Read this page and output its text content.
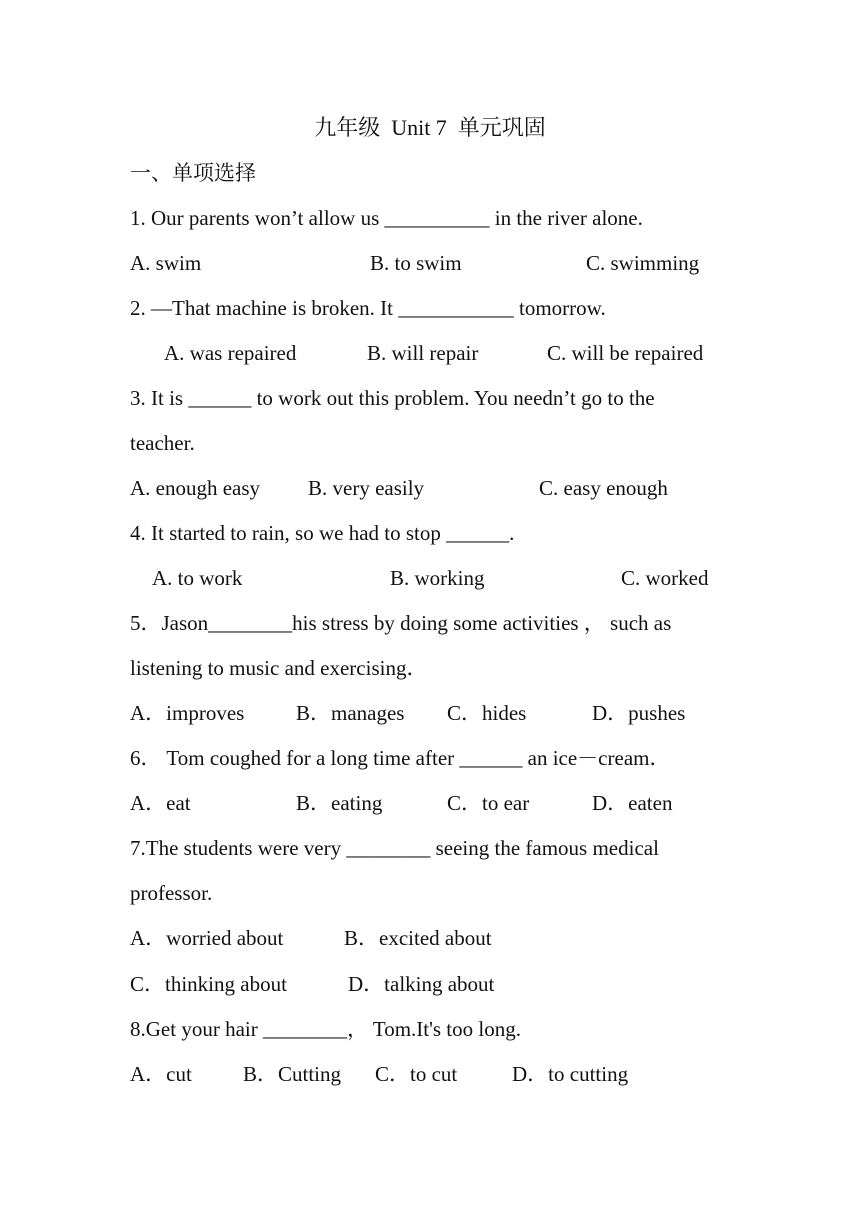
九年级  Unit 7  单元巩固
一、单项选择
1. Our parents won’t allow us __________ in the river alone.
A. swim	B. to swim	C. swimming
2. —That machine is broken. It ___________ tomorrow.
A. was repaired	B. will repair	C. will be repaired
3. It is ______ to work out this problem. You needn’t go to the
teacher.
A. enough easy B. very easily	C. easy enough
4. It started to rain, so we had to stop ______.
A. to work	B. working	C. worked
5．Jason________his stress by doing some activities ， such as
listening to music and exercising．
A．improves B．manages C．hides	D．pushes
6． Tom coughed for a long time after ______ an ice－cream．
A．eat	B．eating	C．to ear	D．eaten
7.The students were very ________ seeing the famous medical
professor.
A．worried about	B．excited about
C．thinking about	D．talking about
8.Get your hair ________， Tom.It's too long.
A．cut B．Cutting C．to cut	D．to cutting
